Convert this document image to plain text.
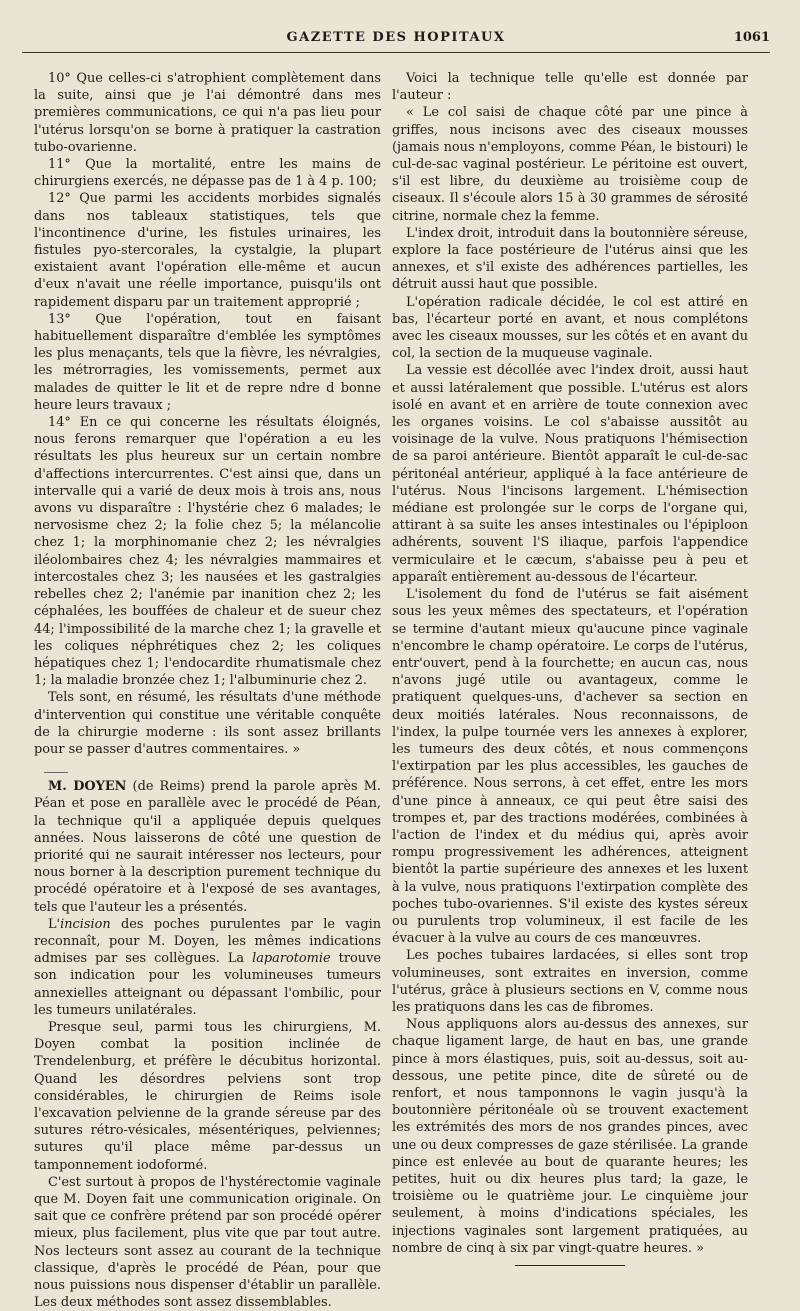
GAZETTE DES HOPITAUX	1061

10° Que celles-ci s'atrophient complètement dans la suite, ainsi que je l'ai démontré dans mes premières communications, ce qui n'a pas lieu pour l'utérus lorsqu'on se borne à pratiquer la castration tubo-ovarienne.

11° Que la mortalité, entre les mains de chirurgiens exercés, ne dépasse pas de 1 à 4 p. 100;

12° Que parmi les accidents morbides signalés dans nos tableaux statistiques, tels que l'incontinence d'urine, les fistules urinaires, les fistules pyo-stercorales, la cystalgie, la plupart existaient avant l'opération elle-même et aucun d'eux n'avait une réelle importance, puisqu'ils ont rapidement disparu par un traitement approprié ;

13° Que l'opération, tout en faisant habituellement disparaître d'emblée les symptômes les plus menaçants, tels que la fièvre, les névralgies, les métrorragies, les vomissements, permet aux malades de quitter le lit et de repre ndre d bonne heure leurs travaux ;

14° En ce qui concerne les résultats éloignés, nous ferons remarquer que l'opération a eu les résultats les plus heureux sur un certain nombre d'affections intercurrentes. C'est ainsi que, dans un intervalle qui a varié de deux mois à trois ans, nous avons vu disparaître : l'hystérie chez 6 malades; le nervosisme chez 2; la folie chez 5; la mélancolie chez 1; la morphinomanie chez 2; les névralgies iléolombaires chez 4; les névralgies mammaires et intercostales chez 3; les nausées et les gastralgies rebelles chez 2; l'anémie par inanition chez 2; les céphalées, les bouffées de chaleur et de sueur chez 44; l'impossibilité de la marche chez 1; la gravelle et les coliques néphrétiques chez 2; les coliques hépatiques chez 1; l'endocardite rhumatismale chez 1; la maladie bronzée chez 1; l'albuminurie chez 2.

Tels sont, en résumé, les résultats d'une méthode d'intervention qui constitue une véritable conquête de la chirurgie moderne : ils sont assez brillants pour se passer d'autres commentaires. »

M. DOYEN (de Reims) prend la parole après M. Péan et pose en parallèle avec le procédé de Péan, la technique qu'il a appliquée depuis quelques années. Nous laisserons de côté une question de priorité qui ne saurait intéresser nos lecteurs, pour nous borner à la description purement technique du procédé opératoire et à l'exposé de ses avantages, tels que l'auteur les a présentés.

L'incision des poches purulentes par le vagin reconnaît, pour M. Doyen, les mêmes indications admises par ses collègues. La laparotomie trouve son indication pour les volumineuses tumeurs annexielles atteignant ou dépassant l'ombilic, pour les tumeurs unilatérales.

Presque seul, parmi tous les chirurgiens, M. Doyen combat la position inclinée de Trendelenburg, et préfère le décubitus horizontal. Quand les désordres pelviens sont trop considérables, le chirurgien de Reims isole l'excavation pelvienne de la grande séreuse par des sutures rétro-vésicales, mésentériques, pelviennes; sutures qu'il place même par-dessus un tamponnement iodoformé.

C'est surtout à propos de l'hystérectomie vaginale que M. Doyen fait une communication originale. On sait que ce confrère prétend par son procédé opérer mieux, plus facilement, plus vite que par tout autre. Nos lecteurs sont assez au courant de la technique classique, d'après le procédé de Péan, pour que nous puissions nous dispenser d'établir un parallèle. Les deux méthodes sont assez dissemblables.

Voici la technique telle qu'elle est donnée par l'auteur :

« Le col saisi de chaque côté par une pince à griffes, nous incisons avec des ciseaux mousses (jamais nous n'employons, comme Péan, le bistouri) le cul-de-sac vaginal postérieur. Le péritoine est ouvert, s'il est libre, du deuxième au troisième coup de ciseaux. Il s'écoule alors 15 à 30 grammes de sérosité citrine, normale chez la femme.

L'index droit, introduit dans la boutonnière séreuse, explore la face postérieure de l'utérus ainsi que les annexes, et s'il existe des adhérences partielles, les détruit aussi haut que possible.

L'opération radicale décidée, le col est attiré en bas, l'écarteur porté en avant, et nous complétons avec les ciseaux mousses, sur les côtés et en avant du col, la section de la muqueuse vaginale.

La vessie est décollée avec l'index droit, aussi haut et aussi latéralement que possible. L'utérus est alors isolé en avant et en arrière de toute connexion avec les organes voisins. Le col s'abaisse aussitôt au voisinage de la vulve. Nous pratiquons l'hémisection de sa paroi antérieure. Bientôt apparaît le cul-de-sac péritonéal antérieur, appliqué à la face antérieure de l'utérus. Nous l'incisons largement. L'hémisection médiane est prolongée sur le corps de l'organe qui, attirant à sa suite les anses intestinales ou l'épiploon adhérents, souvent l'S iliaque, parfois l'appendice vermiculaire et le cæcum, s'abaisse peu à peu et apparaît entièrement au-dessous de l'écarteur.

L'isolement du fond de l'utérus se fait aisément sous les yeux mêmes des spectateurs, et l'opération se termine d'autant mieux qu'aucune pince vaginale n'encombre le champ opératoire. Le corps de l'utérus, entr'ouvert, pend à la fourchette; en aucun cas, nous n'avons jugé utile ou avantageux, comme le pratiquent quelques-uns, d'achever sa section en deux moitiés latérales. Nous reconnaissons, de l'index, la pulpe tournée vers les annexes à explorer, les tumeurs des deux côtés, et nous commençons l'extirpation par les plus accessibles, les gauches de préférence. Nous serrons, à cet effet, entre les mors d'une pince à anneaux, ce qui peut être saisi des trompes et, par des tractions modérées, combinées à l'action de l'index et du médius qui, après avoir rompu progressivement les adhérences, atteignent bientôt la partie supérieure des annexes et les luxent à la vulve, nous pratiquons l'extirpation complète des poches tubo-ovariennes. S'il existe des kystes séreux ou purulents trop volumineux, il est facile de les évacuer à la vulve au cours de ces manœuvres.

Les poches tubaires lardacées, si elles sont trop volumineuses, sont extraites en inversion, comme l'utérus, grâce à plusieurs sections en V, comme nous les pratiquons dans les cas de fibromes.

Nous appliquons alors au-dessus des annexes, sur chaque ligament large, de haut en bas, une grande pince à mors élastiques, puis, soit au-dessus, soit au-dessous, une petite pince, dite de sûreté ou de renfort, et nous tamponnons le vagin jusqu'à la boutonnière péritonéale où se trouvent exactement les extrémités des mors de nos grandes pinces, avec une ou deux compresses de gaze stérilisée. La grande pince est enlevée au bout de quarante heures; les petites, huit ou dix heures plus tard; la gaze, le troisième ou le quatrième jour. Le cinquième jour seulement, à moins d'indications spéciales, les injections vaginales sont largement pratiquées, au nombre de cinq à six par vingt-quatre heures. »
